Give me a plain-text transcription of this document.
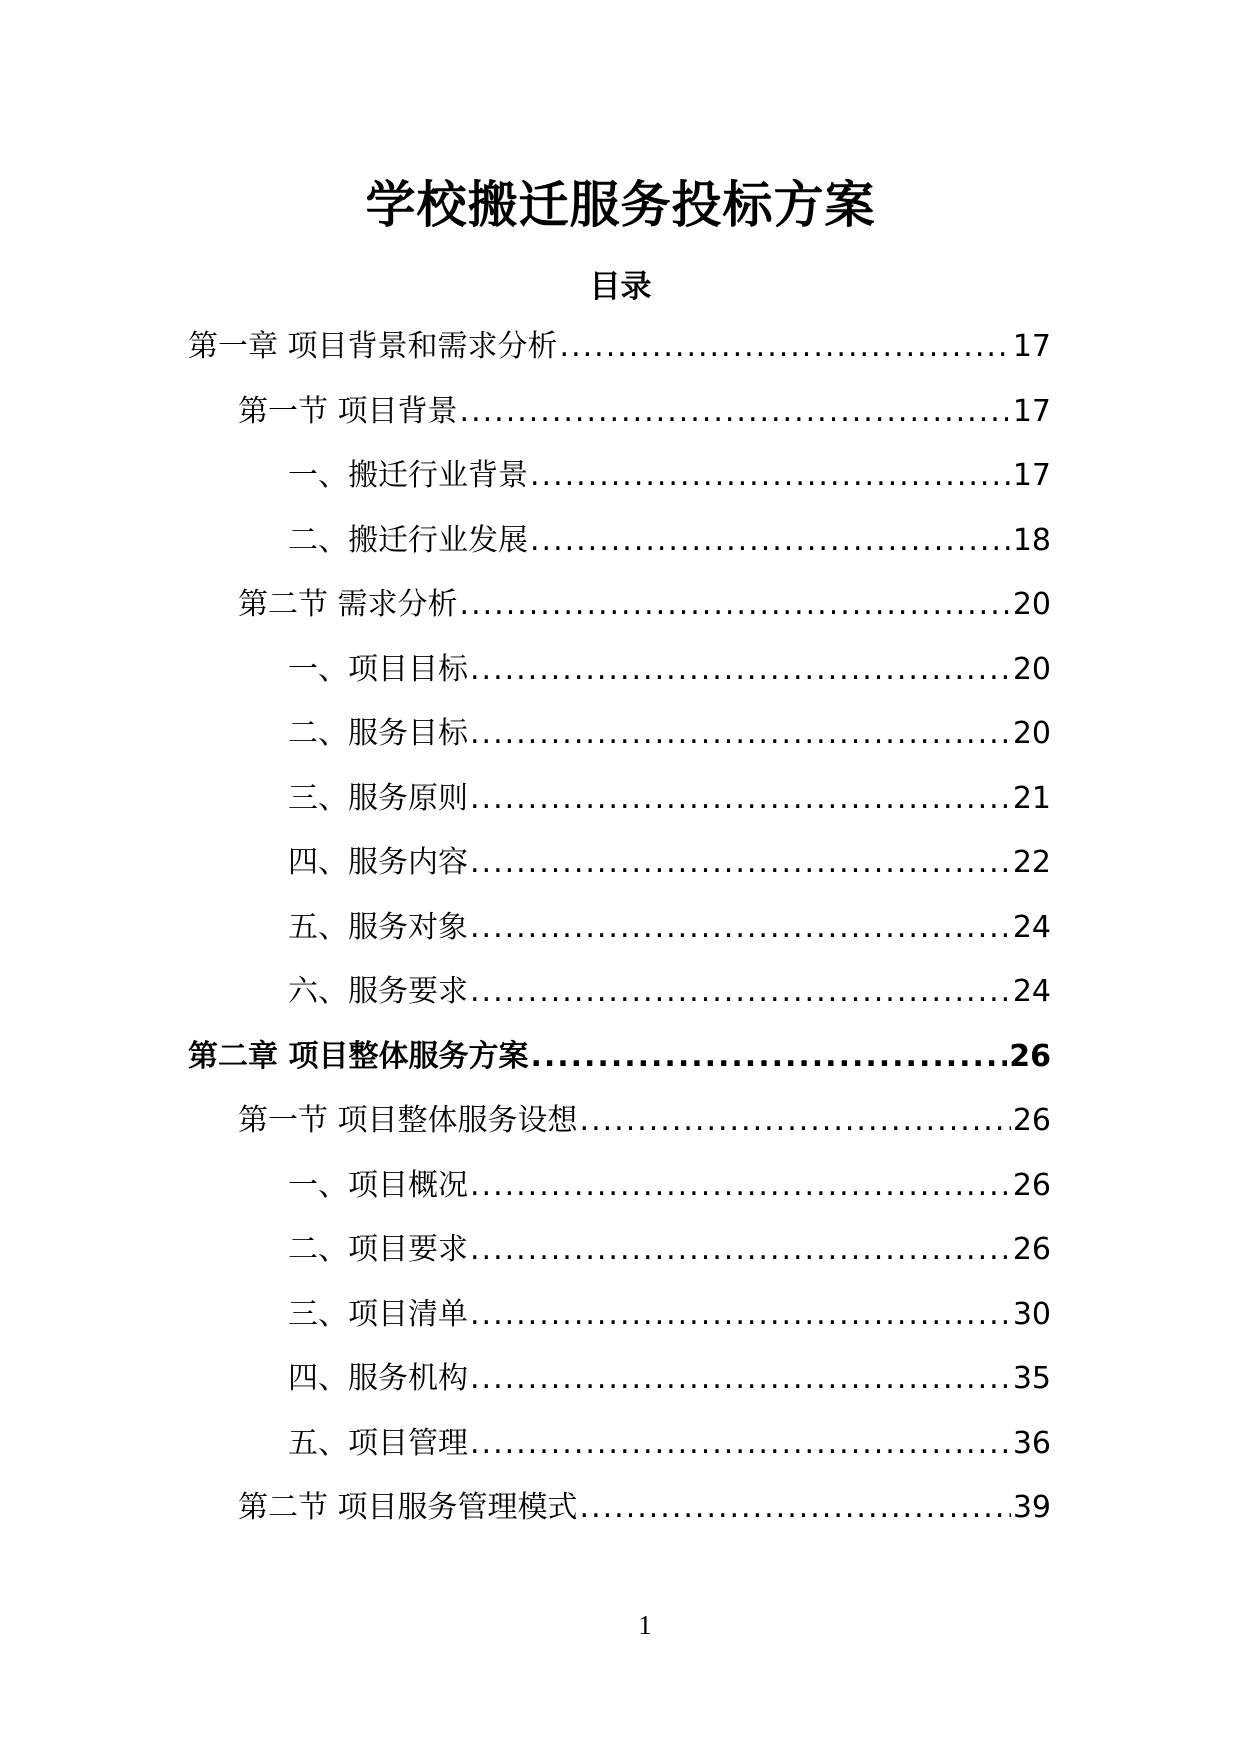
学校搬迁服务投标方案
目录
第一章 项目背景和需求分析 .....	17
第一节 项目背景 .....	17
一、搬迁行业背景 .....	17
二、搬迁行业发展 .....	18
第二节 需求分析 .....	20
一、项目目标 .....	20
二、服务目标 .....	20
三、服务原则 .....	21
四、服务内容 .....	22
五、服务对象 .....	24
六、服务要求 .....	24
第二章 项目整体服务方案 .....	26
第一节 项目整体服务设想 .....	26
一、项目概况 .....	26
二、项目要求 .....	26
三、项目清单 .....	30
四、服务机构 .....	35
五、项目管理 .....	36
第二节 项目服务管理模式 .....	39
1
